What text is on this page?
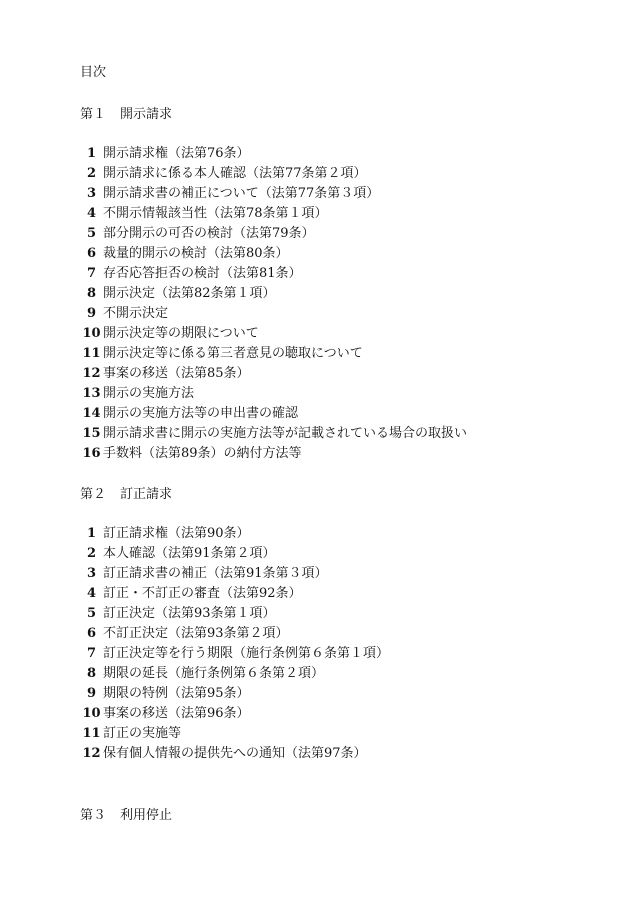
目次
第１ 開示請求
1 開示請求権（法第76条）
2 開示請求に係る本人確認（法第77条第２項）
3 開示請求書の補正について（法第77条第３項）
4 不開示情報該当性（法第78条第１項）
5 部分開示の可否の検討（法第79条）
6 裁量的開示の検討（法第80条）
7 存否応答拒否の検討（法第81条）
8 開示決定（法第82条第１項）
9 不開示決定
10 開示決定等の期限について
11 開示決定等に係る第三者意見の聴取について
12 事案の移送（法第85条）
13 開示の実施方法
14 開示の実施方法等の申出書の確認
15 開示請求書に開示の実施方法等が記載されている場合の取扱い
16 手数料（法第89条）の納付方法等
第２ 訂正請求
1 訂正請求権（法第90条）
2 本人確認（法第91条第２項）
3 訂正請求書の補正（法第91条第３項）
4 訂正・不訂正の審査（法第92条）
5 訂正決定（法第93条第１項）
6 不訂正決定（法第93条第２項）
7 訂正決定等を行う期限（施行条例第６条第１項）
8 期限の延長（施行条例第６条第２項）
9 期限の特例（法第95条）
10 事案の移送（法第96条）
11 訂正の実施等
12 保有個人情報の提供先への通知（法第97条）
第３ 利用停止
